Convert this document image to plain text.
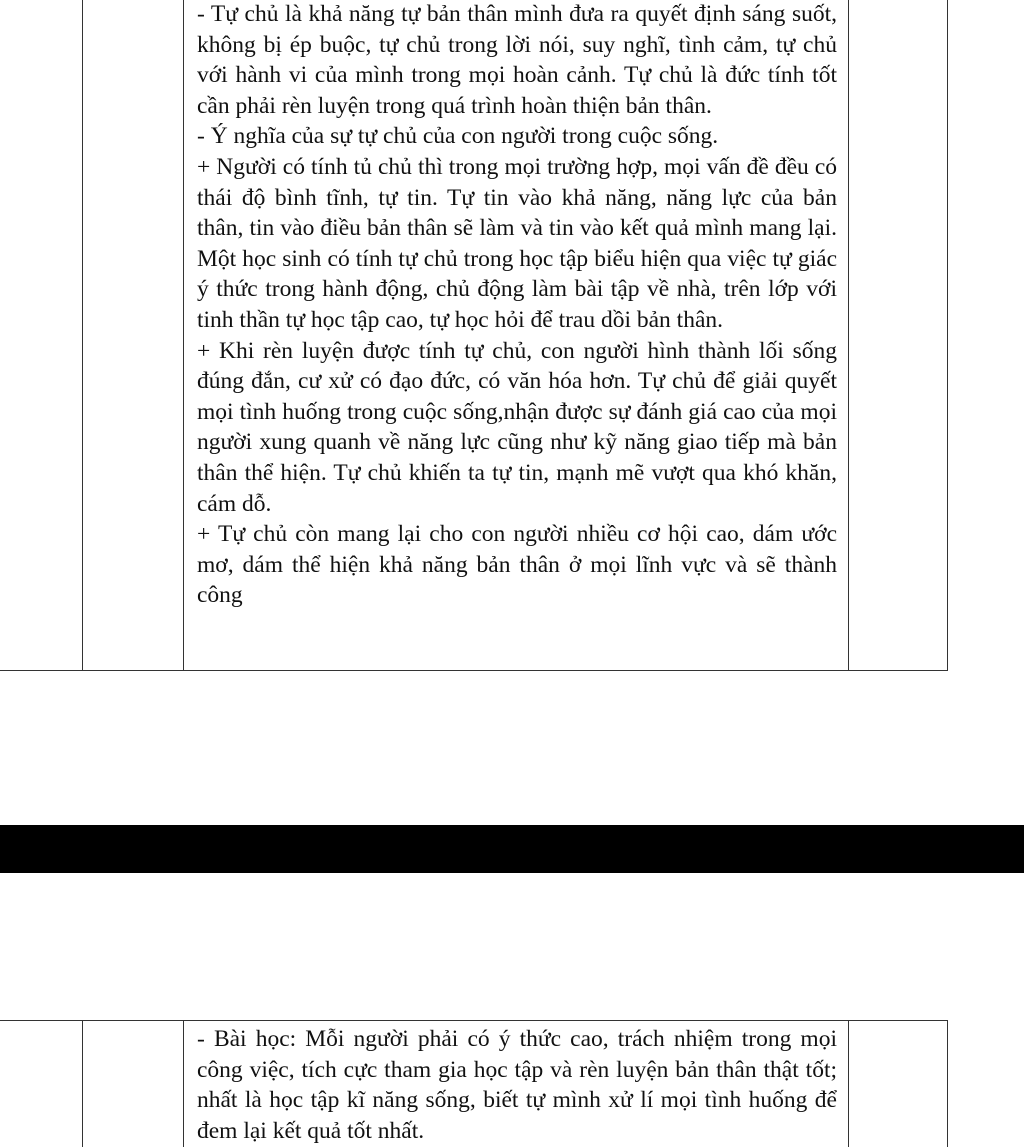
- Tự chủ là khả năng tự bản thân mình đưa ra quyết định sáng suốt, không bị ép buộc, tự chủ trong lời nói, suy nghĩ, tình cảm, tự chủ với hành vi của mình trong mọi hoàn cảnh. Tự chủ là đức tính tốt cần phải rèn luyện trong quá trình hoàn thiện bản thân.

- Ý nghĩa của sự tự chủ của con người trong cuộc sống.

+ Người có tính tủ chủ thì trong mọi trường hợp, mọi vấn đề đều có thái độ bình tĩnh, tự tin. Tự tin vào khả năng, năng lực của bản thân, tin vào điều bản thân sẽ làm và tin vào kết quả mình mang lại. Một học sinh có tính tự chủ trong học tập biểu hiện qua việc tự giác ý thức trong hành động, chủ động làm bài tập về nhà, trên lớp với tinh thần tự học tập cao, tự học hỏi để trau dồi bản thân.

+ Khi rèn luyện được tính tự chủ, con người hình thành lối sống đúng đắn, cư xử có đạo đức, có văn hóa hơn. Tự chủ để giải quyết mọi tình huống trong cuộc sống,nhận được sự đánh giá cao của mọi người xung quanh về năng lực cũng như kỹ năng giao tiếp mà bản thân thể hiện. Tự chủ khiến ta tự tin, mạnh mẽ vượt qua khó khăn, cám dỗ.

+ Tự chủ còn mang lại cho con người nhiều cơ hội cao, dám ước mơ, dám thể hiện khả năng bản thân ở mọi lĩnh vực và sẽ thành công

- Bài học: Mỗi người phải có ý thức cao, trách nhiệm trong mọi công việc, tích cực tham gia học tập và rèn luyện bản thân thật tốt; nhất là học tập kĩ năng sống, biết tự mình xử lí mọi tình huống để đem lại kết quả tốt nhất.
